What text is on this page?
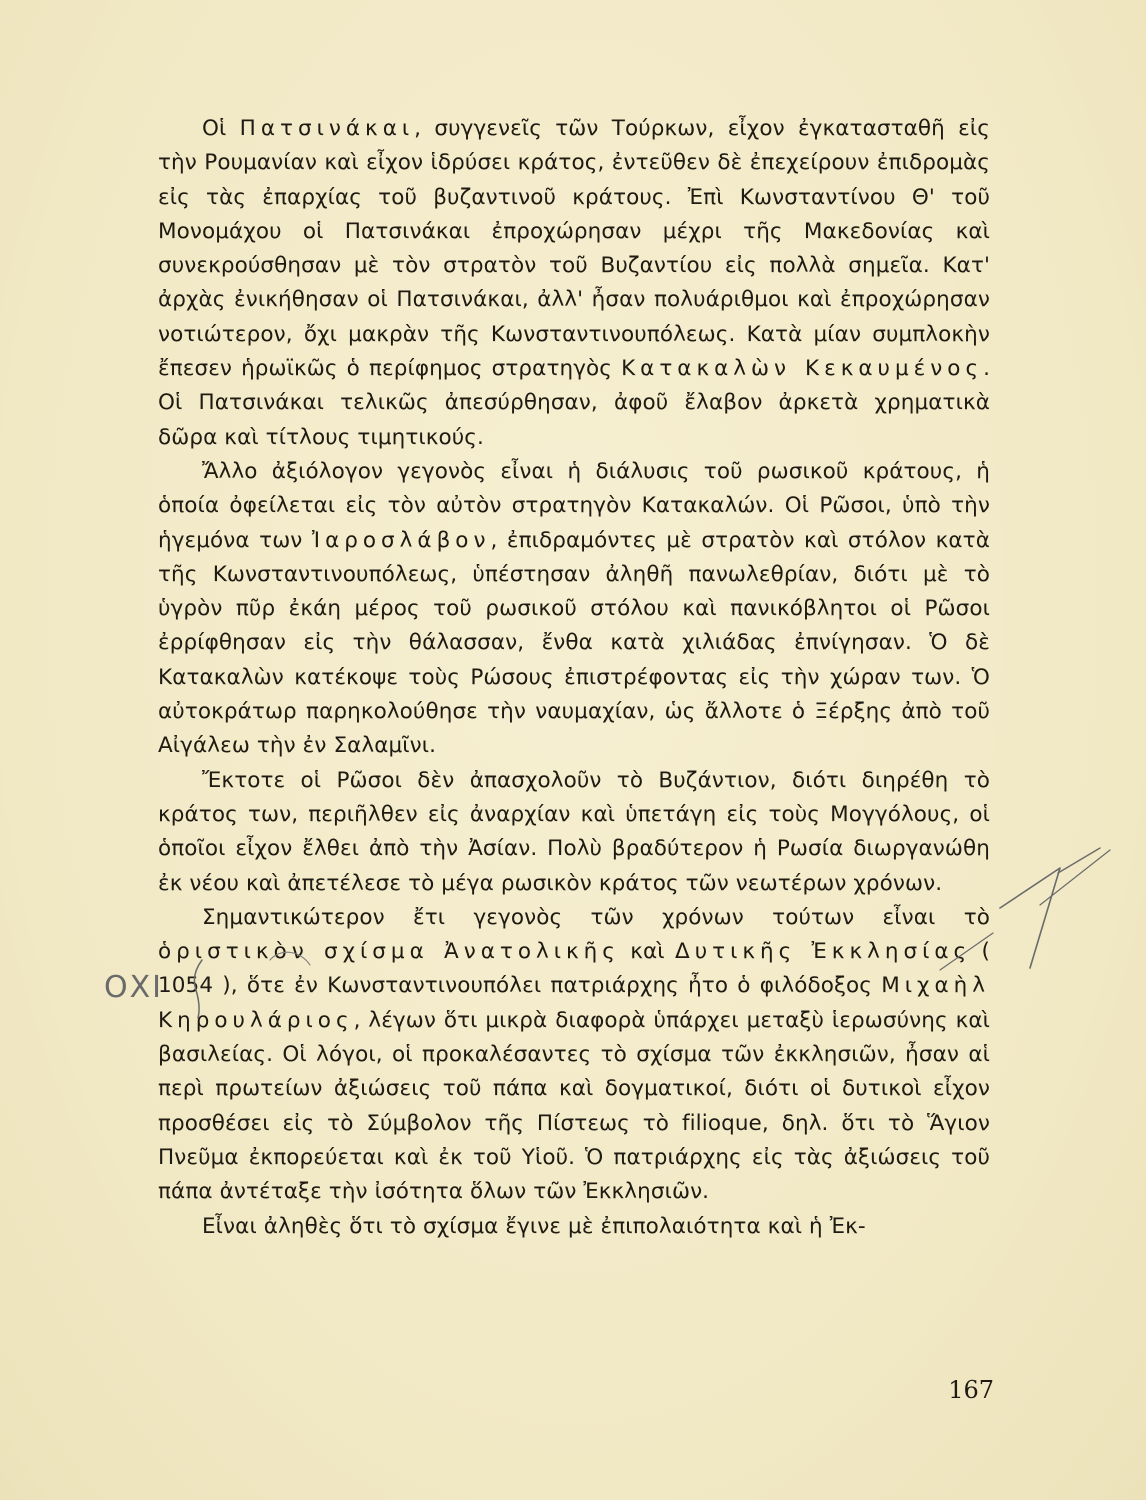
Οἱ Πατσινάκαι, συγγενεῖς τῶν Τούρκων, εἶχον ἐγκατασταθῆ εἰς τὴν Ρουμανίαν καὶ εἶχον ἱδρύσει κράτος, ἐντεῦθεν δὲ ἐπεχείρουν ἐπιδρομὰς εἰς τὰς ἐπαρχίας τοῦ βυζαντινοῦ κράτους. Ἐπὶ Κωνσταντίνου Θ' τοῦ Μονομάχου οἱ Πατσινάκαι ἐπροχώρησαν μέχρι τῆς Μακεδονίας καὶ συνεκρούσθησαν μὲ τὸν στρατὸν τοῦ Βυζαντίου εἰς πολλὰ σημεῖα. Κατ' ἀρχὰς ἐνικήθησαν οἱ Πατσινάκαι, ἀλλ' ἦσαν πολυάριθμοι καὶ ἐπροχώρησαν νοτιώτερον, ὄχι μακρὰν τῆς Κωνσταντινουπόλεως. Κατὰ μίαν συμπλοκὴν ἔπεσεν ἡρωϊκῶς ὁ περίφημος στρατηγὸς Κατακαλὼν Κεκαυμένος. Οἱ Πατσινάκαι τελικῶς ἀπεσύρθησαν, ἀφοῦ ἔλαβον ἀρκετὰ χρηματικὰ δῶρα καὶ τίτλους τιμητικούς.

Ἄλλο ἀξιόλογον γεγονὸς εἶναι ἡ διάλυσις τοῦ ρωσικοῦ κράτους, ἡ ὁποία ὀφείλεται εἰς τὸν αὐτὸν στρατηγὸν Κατακαλών. Οἱ Ρῶσοι, ὑπὸ τὴν ἡγεμόνα των Ἰαροσλάβον, ἐπιδραμόντες μὲ στρατὸν καὶ στόλον κατὰ τῆς Κωνσταντινουπόλεως, ὑπέστησαν ἀληθῆ πανωλεθρίαν, διότι μὲ τὸ ὑγρὸν πῦρ ἐκάη μέρος τοῦ ρωσικοῦ στόλου καὶ πανικόβλητοι οἱ Ρῶσοι ἐρρίφθησαν εἰς τὴν θάλασσαν, ἔνθα κατὰ χιλιάδας ἐπνίγησαν. Ὁ δὲ Κατακαλὼν κατέκοψε τοὺς Ρώσους ἐπιστρέφοντας εἰς τὴν χώραν των. Ὁ αὐτοκράτωρ παρηκολούθησε τὴν ναυμαχίαν, ὡς ἄλλοτε ὁ Ξέρξης ἀπὸ τοῦ Αἰγάλεω τὴν ἐν Σαλαμῖνι.

Ἔκτοτε οἱ Ρῶσοι δὲν ἀπασχολοῦν τὸ Βυζάντιον, διότι διηρέθη τὸ κράτος των, περιῆλθεν εἰς ἀναρχίαν καὶ ὑπετάγη εἰς τοὺς Μογγόλους, οἱ ὁποῖοι εἶχον ἔλθει ἀπὸ τὴν Ἀσίαν. Πολὺ βραδύτερον ἡ Ρωσία διωργανώθη ἐκ νέου καὶ ἀπετέλεσε τὸ μέγα ρωσικὸν κράτος τῶν νεωτέρων χρόνων.

Σημαντικώτερον ἔτι γεγονὸς τῶν χρόνων τούτων εἶναι τὸ ὁριστικὸν σχίσμα Ἀνατολικῆς καὶ Δυτικῆς Ἐκκλησίας ( 1054 ), ὅτε ἐν Κωνσταντινουπόλει πατριάρχης ἦτο ὁ φιλόδοξος Μιχαὴλ Κηρουλάριος, λέγων ὅτι μικρὰ διαφορὰ ὑπάρχει μεταξὺ ἱερωσύνης καὶ βασιλείας. Οἱ λόγοι, οἱ προκαλέσαντες τὸ σχίσμα τῶν ἐκκλησιῶν, ἦσαν αἱ περὶ πρωτείων ἀξιώσεις τοῦ πάπα καὶ δογματικοί, διότι οἱ δυτικοὶ εἶχον προσθέσει εἰς τὸ Σύμβολον τῆς Πίστεως τὸ filioque, δηλ. ὅτι τὸ Ἅγιον Πνεῦμα ἐκπορεύεται καὶ ἐκ τοῦ Υἱοῦ. Ὁ πατριάρχης εἰς τὰς ἀξιώσεις τοῦ πάπα ἀντέταξε τὴν ἰσότητα ὅλων τῶν Ἐκκλησιῶν.

Εἶναι ἀληθὲς ὅτι τὸ σχίσμα ἔγινε μὲ ἐπιπολαιότητα καὶ ἡ Ἐκ-

ΟΧΙ
167
